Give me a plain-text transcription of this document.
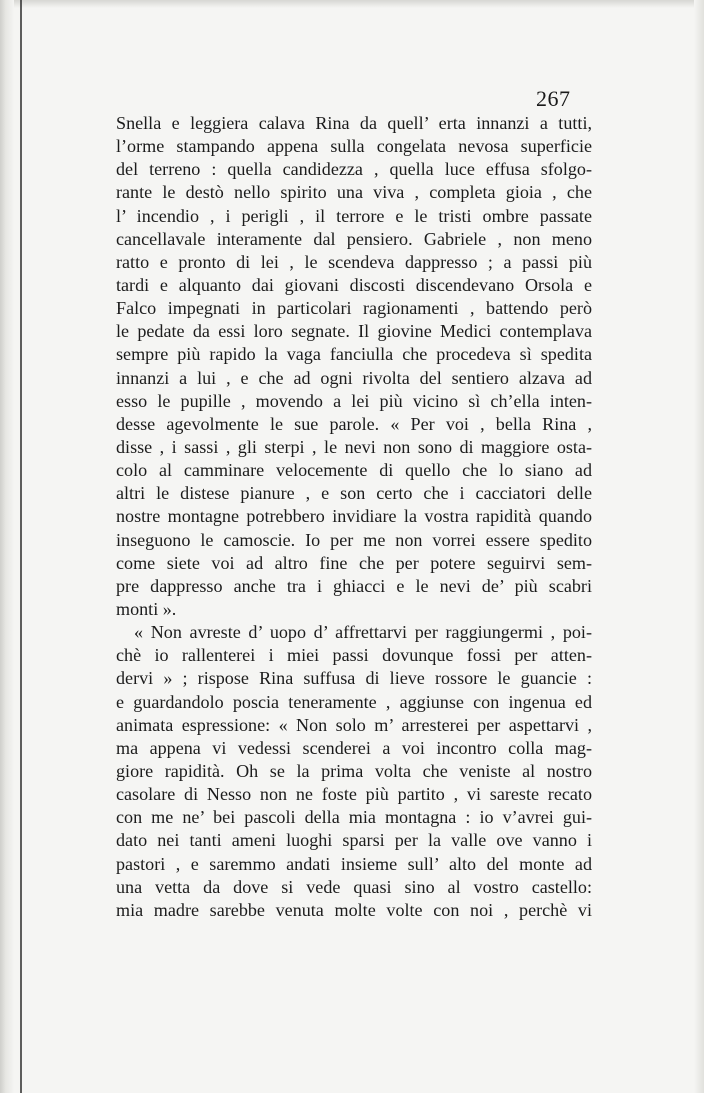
267
Snella e leggiera calava Rina da quell’ erta innanzi a tutti,
l’orme stampando appena sulla congelata nevosa superficie
del terreno : quella candidezza , quella luce effusa sfolgo-
rante le destò nello spirito una viva , completa gioia , che
l’ incendio , i perigli , il terrore e le tristi ombre passate
cancellavale interamente dal pensiero. Gabriele , non meno
ratto e pronto di lei , le scendeva dappresso ; a passi più
tardi e alquanto dai giovani discosti discendevano Orsola e
Falco impegnati in particolari ragionamenti , battendo però
le pedate da essi loro segnate. Il giovine Medici contemplava
sempre più rapido la vaga fanciulla che procedeva sì spedita
innanzi a lui , e che ad ogni rivolta del sentiero alzava ad
esso le pupille , movendo a lei più vicino sì ch’ella inten-
desse agevolmente le sue parole. « Per voi , bella Rina ,
disse , i sassi , gli sterpi , le nevi non sono di maggiore osta-
colo al camminare velocemente di quello che lo siano ad
altri le distese pianure , e son certo che i cacciatori delle
nostre montagne potrebbero invidiare la vostra rapidità quando
inseguono le camoscie. Io per me non vorrei essere spedito
come siete voi ad altro fine che per potere seguirvi sem-
pre dappresso anche tra i ghiacci e le nevi de’ più scabri
monti ».
« Non avreste d’ uopo d’ affrettarvi per raggiungermi , poi-
chè io rallenterei i miei passi dovunque fossi per atten-
dervi » ; rispose Rina suffusa di lieve rossore le guancie :
e guardandolo poscia teneramente , aggiunse con ingenua ed
animata espressione: « Non solo m’ arresterei per aspettarvi ,
ma appena vi vedessi scenderei a voi incontro colla mag-
giore rapidità. Oh se la prima volta che veniste al nostro
casolare di Nesso non ne foste più partito , vi sareste recato
con me ne’ bei pascoli della mia montagna : io v’avrei gui-
dato nei tanti ameni luoghi sparsi per la valle ove vanno i
pastori , e saremmo andati insieme sull’ alto del monte ad
una vetta da dove si vede quasi sino al vostro castello:
mia madre sarebbe venuta molte volte con noi , perchè vi
